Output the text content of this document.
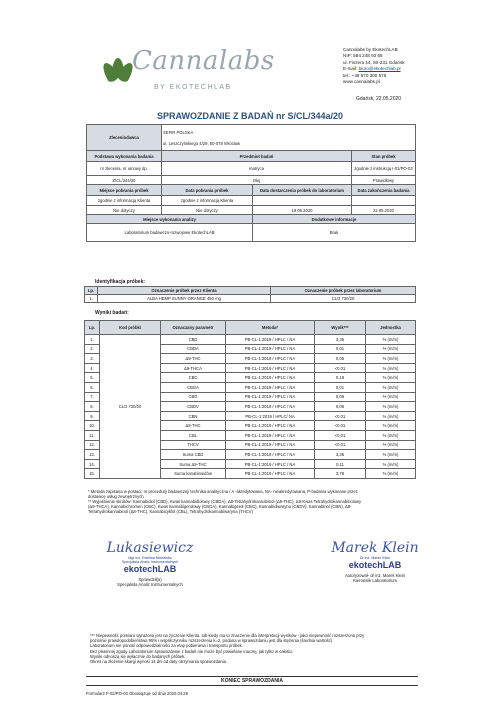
Cannalabs
BY EKOTECHLAB
Cannalabs by EkotechLAB
NIP: 584 248 93 68
ul. Fiszera 14, 80-231 Gdańsk
E-mail: biuro@ekotechlab.pl
tel.: +48 570 300 575
www.cannalabs.pl
Gdańsk, 22.05.2020
SPRAWOZDANIE Z BADAŃ nr S/CL/344a/20
Zleceniodawca	SEFIR POLSKA
ul. Leszczyńskiego 4/29, 50-078 Wrocław		

Podstawa wykonania badania	Przedmiot badań		Stan próbek
nr zlecenia, nr umowy itp.	matryca		zgodnie z instrukcją I-01/PO-03
Z/CL/344/20	Olej		Prawidłowy
Miejsce pobrania próbek	Data pobrania próbek	Data dostarczenia próbek do laboratorium	Data zakończenia badania
zgodnie z informacją Klienta	zgodnie z informacją Klienta		
Nie dotyczy	Nie dotyczy	19.05.2020	22.05.2020
Miejsce wykonania analizy		Dodatkowe informacje	
Laboratorium badawczo-rozwojowe EkotechLAB		Brak	
Identyfikacja próbek:
Lp.	Oznaczenie próbek przez Klienta	Oznaczenie próbek przez laboratorium
1.	ALBA HEMP SUNNY ORANGE 450 mg	CLO 730/20
Wyniki badań:
Lp.	Kod próbki	Oznaczany parametr	Metoda*	Wynik***	Jednostka
1.	CLO 730/20	CBD	PB-CL-1:2019 / HPLC / NA	3,35	% (m/m)
2.		CBDA	PB-CL-1:2019 / HPLC / NA	0,01	% (m/m)
3.		Δ9-THC	PB-CL-1:2019 / HPLC / NA	0,05	% (m/m)
4.		Δ9-THCA	PB-CL-1:2019 / HPLC / NA	<0,01	% (m/m)
5.		CBC	PB-CL-1:2019 / HPLC / NA	0,18	% (m/m)
6.		CBGA	PB-CL-1:2019 / HPLC / NA	0,01	% (m/m)
7.		CBG	PB-CL-1:2019 / HPLC / NA	0,06	% (m/m)
8.		CBDV	PB-CL-1:2019 / HPLC / NA	0,06	% (m/m)
9.		CBN	PB-CL-1:2019 / HPLC/ NA	<0,01	% (m/m)
10.		Δ8-THC	PB-CL-1:2019 / HPLC / NA	<0,01	% (m/m)
11.		CBL	PB-CL-1:2019 / HPLC / NA	<0,01	% (m/m)
12.		THCV	PB-CL-1:2019 / HPLC / NA	<0,01	% (m/m)
13.		Suma CBD	PB-CL-1:2019 / HPLC / NA	3,36	% (m/m)
14.		Suma Δ9-THC	PB-CL-1:2019 / HPLC / NA	0,11	% (m/m)
15.		Suma kanabinoidów	PB-CL-1:2019 / HPLC / NA	3,78	% (m/m)
* Metoda zapisana w postaci: nr procedury badawczej/ technika analityczna / A -akredytowana, NA- nieakredytowana, P-badania wykonane przez
dostawcę usług zewnętrznych
** Wyjaśnienie skrótów: Kannabidiol (CBD), Kwas kannabidiolowy (CBDA), Δ9-Tetrahydrokannabinol (Δ9-THC), Δ9-Kwas Tetrahydrokannabinolowy
(Δ9-THCA), Kannabichromen (CBC), Kwas kannabigerolowy (CBGA), Kannabigerol (CBG), Kannabidiwaryna (CBDV), Kannabinol (CBN), Δ8-
Tetrahydrokannabinol (Δ8-THC), Kannabicyklol (CBL), Tetrahydrokannabiwaryna (THCV)
Lukasiewicz
Mgr inż. Ewelina Michalska
Specjalista Analiz Instrumentalnych
ekotechLAB
Sprawdził(a)
Specjalista Analiz Instrumentalnych
Marek Klein
Dr inż. Marek Klein
ekotechLAB
Autoryzował- dr inż. Marek Klein
Kierownik Laboratorium
*** Niepewność pomiaru wyrażona jest na życzenie Klienta. Iub kiedy ma to znaczenie dla interpretacji wyników - jako niepewność rozszerzona przy
poziomie prawdopodobieństwa 95% i współczynniku rozszerzenia k=2, podana w sprawozdaniu jest dla stężenia (średnia wartość)
Laboratorium nie ponosi odpowiedzialności za etap pobierania i transportu próbek.
Bez pisemnej zgody Laboratorium sprawozdanie z badań nie może być powielane inaczej, jak tylko w całości.
Wyniki odnoszą się wyłącznie do badanych próbek.
Okres na złożenie skargi wynosi 14 dni od daty otrzymania sprawozdania.
KONIEC SPRAWOZDANIA
Formularz F-02/PO-03 Obowiązuje od dnia 2020.04.29
